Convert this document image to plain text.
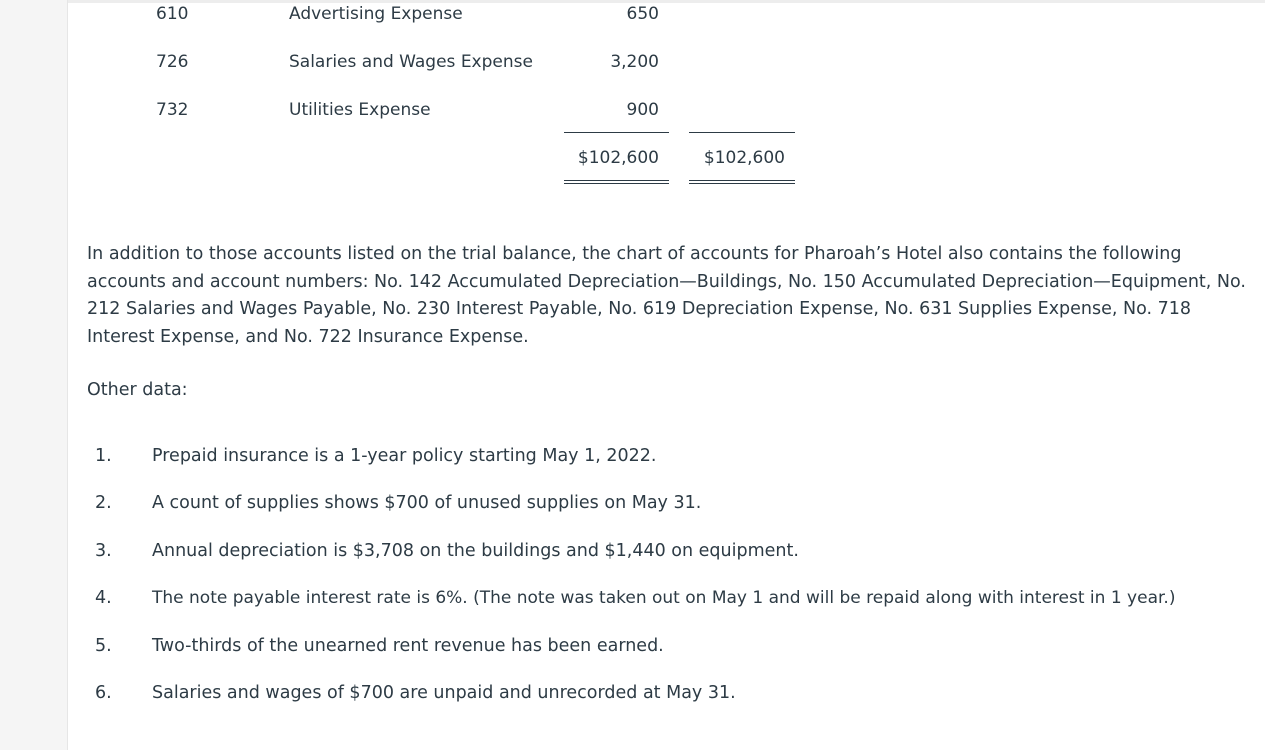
610	Advertising Expense	650
726	Salaries and Wages Expense	3,200
732	Utilities Expense	900
$102,600	$102,600

In addition to those accounts listed on the trial balance, the chart of accounts for Pharoah’s Hotel also contains the following accounts and account numbers: No. 142 Accumulated Depreciation—Buildings, No. 150 Accumulated Depreciation—Equipment, No. 212 Salaries and Wages Payable, No. 230 Interest Payable, No. 619 Depreciation Expense, No. 631 Supplies Expense, No. 718 Interest Expense, and No. 722 Insurance Expense.

Other data:
1. Prepaid insurance is a 1-year policy starting May 1, 2022.
2. A count of supplies shows $700 of unused supplies on May 31.
3. Annual depreciation is $3,708 on the buildings and $1,440 on equipment.
4. The note payable interest rate is 6%. (The note was taken out on May 1 and will be repaid along with interest in 1 year.)
5. Two-thirds of the unearned rent revenue has been earned.
6. Salaries and wages of $700 are unpaid and unrecorded at May 31.
